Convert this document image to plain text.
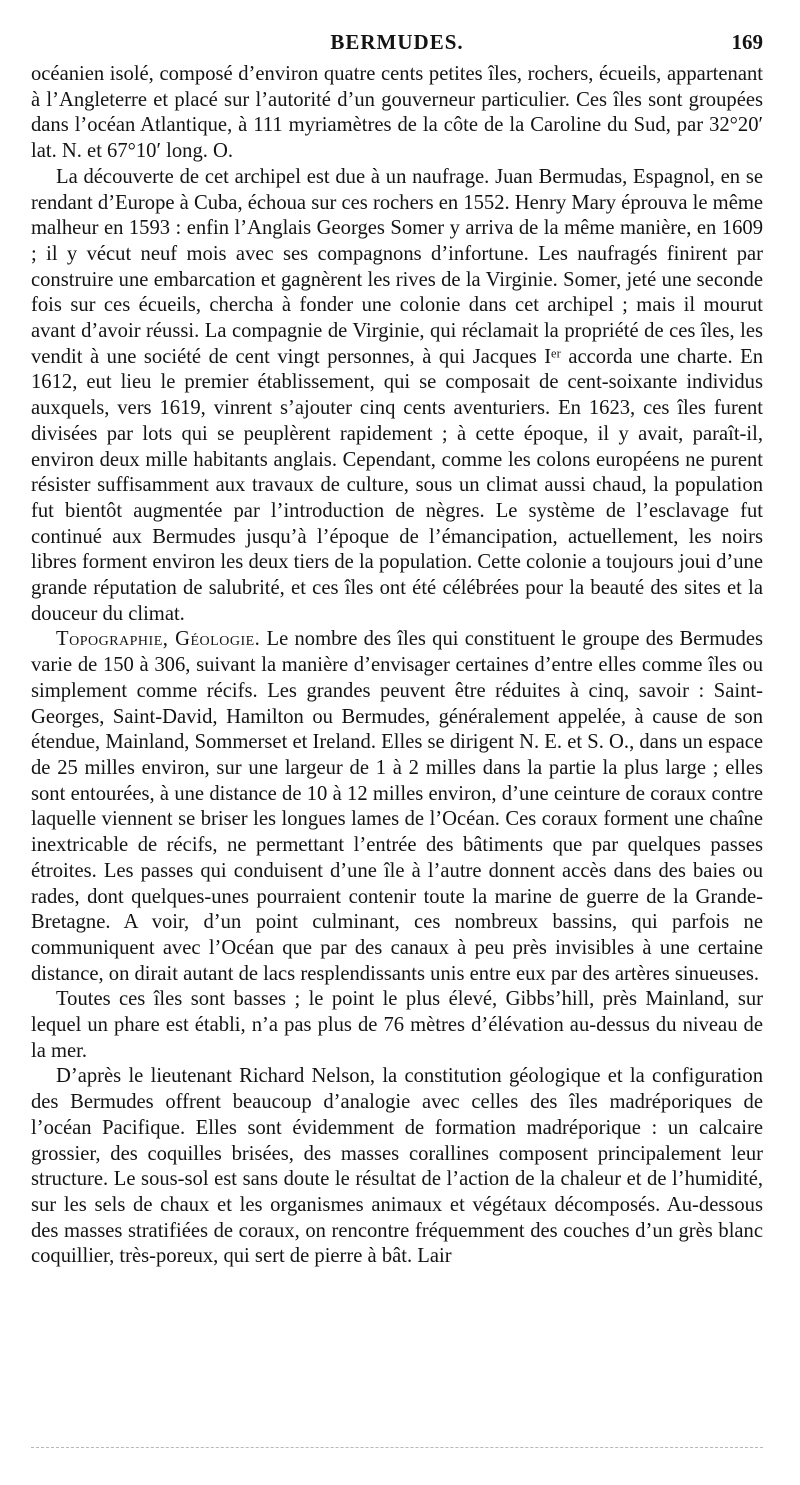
BERMUDES.	169

océanien isolé, composé d’environ quatre cents petites îles, rochers, écueils, appartenant à l’Angleterre et placé sur l’autorité d’un gouverneur particulier. Ces îles sont groupées dans l’océan Atlantique, à 111 myriamètres de la côte de la Caroline du Sud, par 32°20′ lat. N. et 67°10′ long. O.

La découverte de cet archipel est due à un naufrage. Juan Bermudas, Espagnol, en se rendant d’Europe à Cuba, échoua sur ces rochers en 1552. Henry Mary éprouva le même malheur en 1593 : enfin l’Anglais Georges Somer y arriva de la même manière, en 1609 ; il y vécut neuf mois avec ses compagnons d’infortune. Les naufragés finirent par construire une embarcation et gagnèrent les rives de la Virginie. Somer, jeté une seconde fois sur ces écueils, chercha à fonder une colonie dans cet archipel ; mais il mourut avant d’avoir réussi. La compagnie de Virginie, qui réclamait la propriété de ces îles, les vendit à une société de cent vingt personnes, à qui Jacques Iᵉʳ accorda une charte. En 1612, eut lieu le premier établissement, qui se composait de cent-soixante individus auxquels, vers 1619, vinrent s’ajouter cinq cents aventuriers. En 1623, ces îles furent divisées par lots qui se peuplèrent rapidement ; à cette époque, il y avait, paraît-il, environ deux mille habitants anglais. Cependant, comme les colons européens ne purent résister suffisamment aux travaux de culture, sous un climat aussi chaud, la population fut bientôt augmentée par l’introduction de nègres. Le système de l’esclavage fut continué aux Bermudes jusqu’à l’époque de l’émancipation, actuellement, les noirs libres forment environ les deux tiers de la population. Cette colonie a toujours joui d’une grande réputation de salubrité, et ces îles ont été célébrées pour la beauté des sites et la douceur du climat.

Topographie, Géologie. Le nombre des îles qui constituent le groupe des Bermudes varie de 150 à 306, suivant la manière d’envisager certaines d’entre elles comme îles ou simplement comme récifs. Les grandes peuvent être réduites à cinq, savoir : Saint-Georges, Saint-David, Hamilton ou Bermudes, généralement appelée, à cause de son étendue, Mainland, Sommerset et Ireland. Elles se dirigent N. E. et S. O., dans un espace de 25 milles environ, sur une largeur de 1 à 2 milles dans la partie la plus large ; elles sont entourées, à une distance de 10 à 12 milles environ, d’une ceinture de coraux contre laquelle viennent se briser les longues lames de l’Océan. Ces coraux forment une chaîne inextricable de récifs, ne permettant l’entrée des bâtiments que par quelques passes étroites. Les passes qui conduisent d’une île à l’autre donnent accès dans des baies ou rades, dont quelques-unes pourraient contenir toute la marine de guerre de la Grande-Bretagne. A voir, d’un point culminant, ces nombreux bassins, qui parfois ne communiquent avec l’Océan que par des canaux à peu près invisibles à une certaine distance, on dirait autant de lacs resplendissants unis entre eux par des artères sinueuses.

Toutes ces îles sont basses ; le point le plus élevé, Gibbs’hill, près Mainland, sur lequel un phare est établi, n’a pas plus de 76 mètres d’élévation au-dessus du niveau de la mer.

D’après le lieutenant Richard Nelson, la constitution géologique et la configuration des Bermudes offrent beaucoup d’analogie avec celles des îles madréporiques de l’océan Pacifique. Elles sont évidemment de formation madréporique : un calcaire grossier, des coquilles brisées, des masses corallines composent principalement leur structure. Le sous-sol est sans doute le résultat de l’action de la chaleur et de l’humidité, sur les sels de chaux et les organismes animaux et végétaux décomposés. Au-dessous des masses stratifiées de coraux, on rencontre fréquemment des couches d’un grès blanc coquillier, très-poreux, qui sert de pierre à bât. Lair
